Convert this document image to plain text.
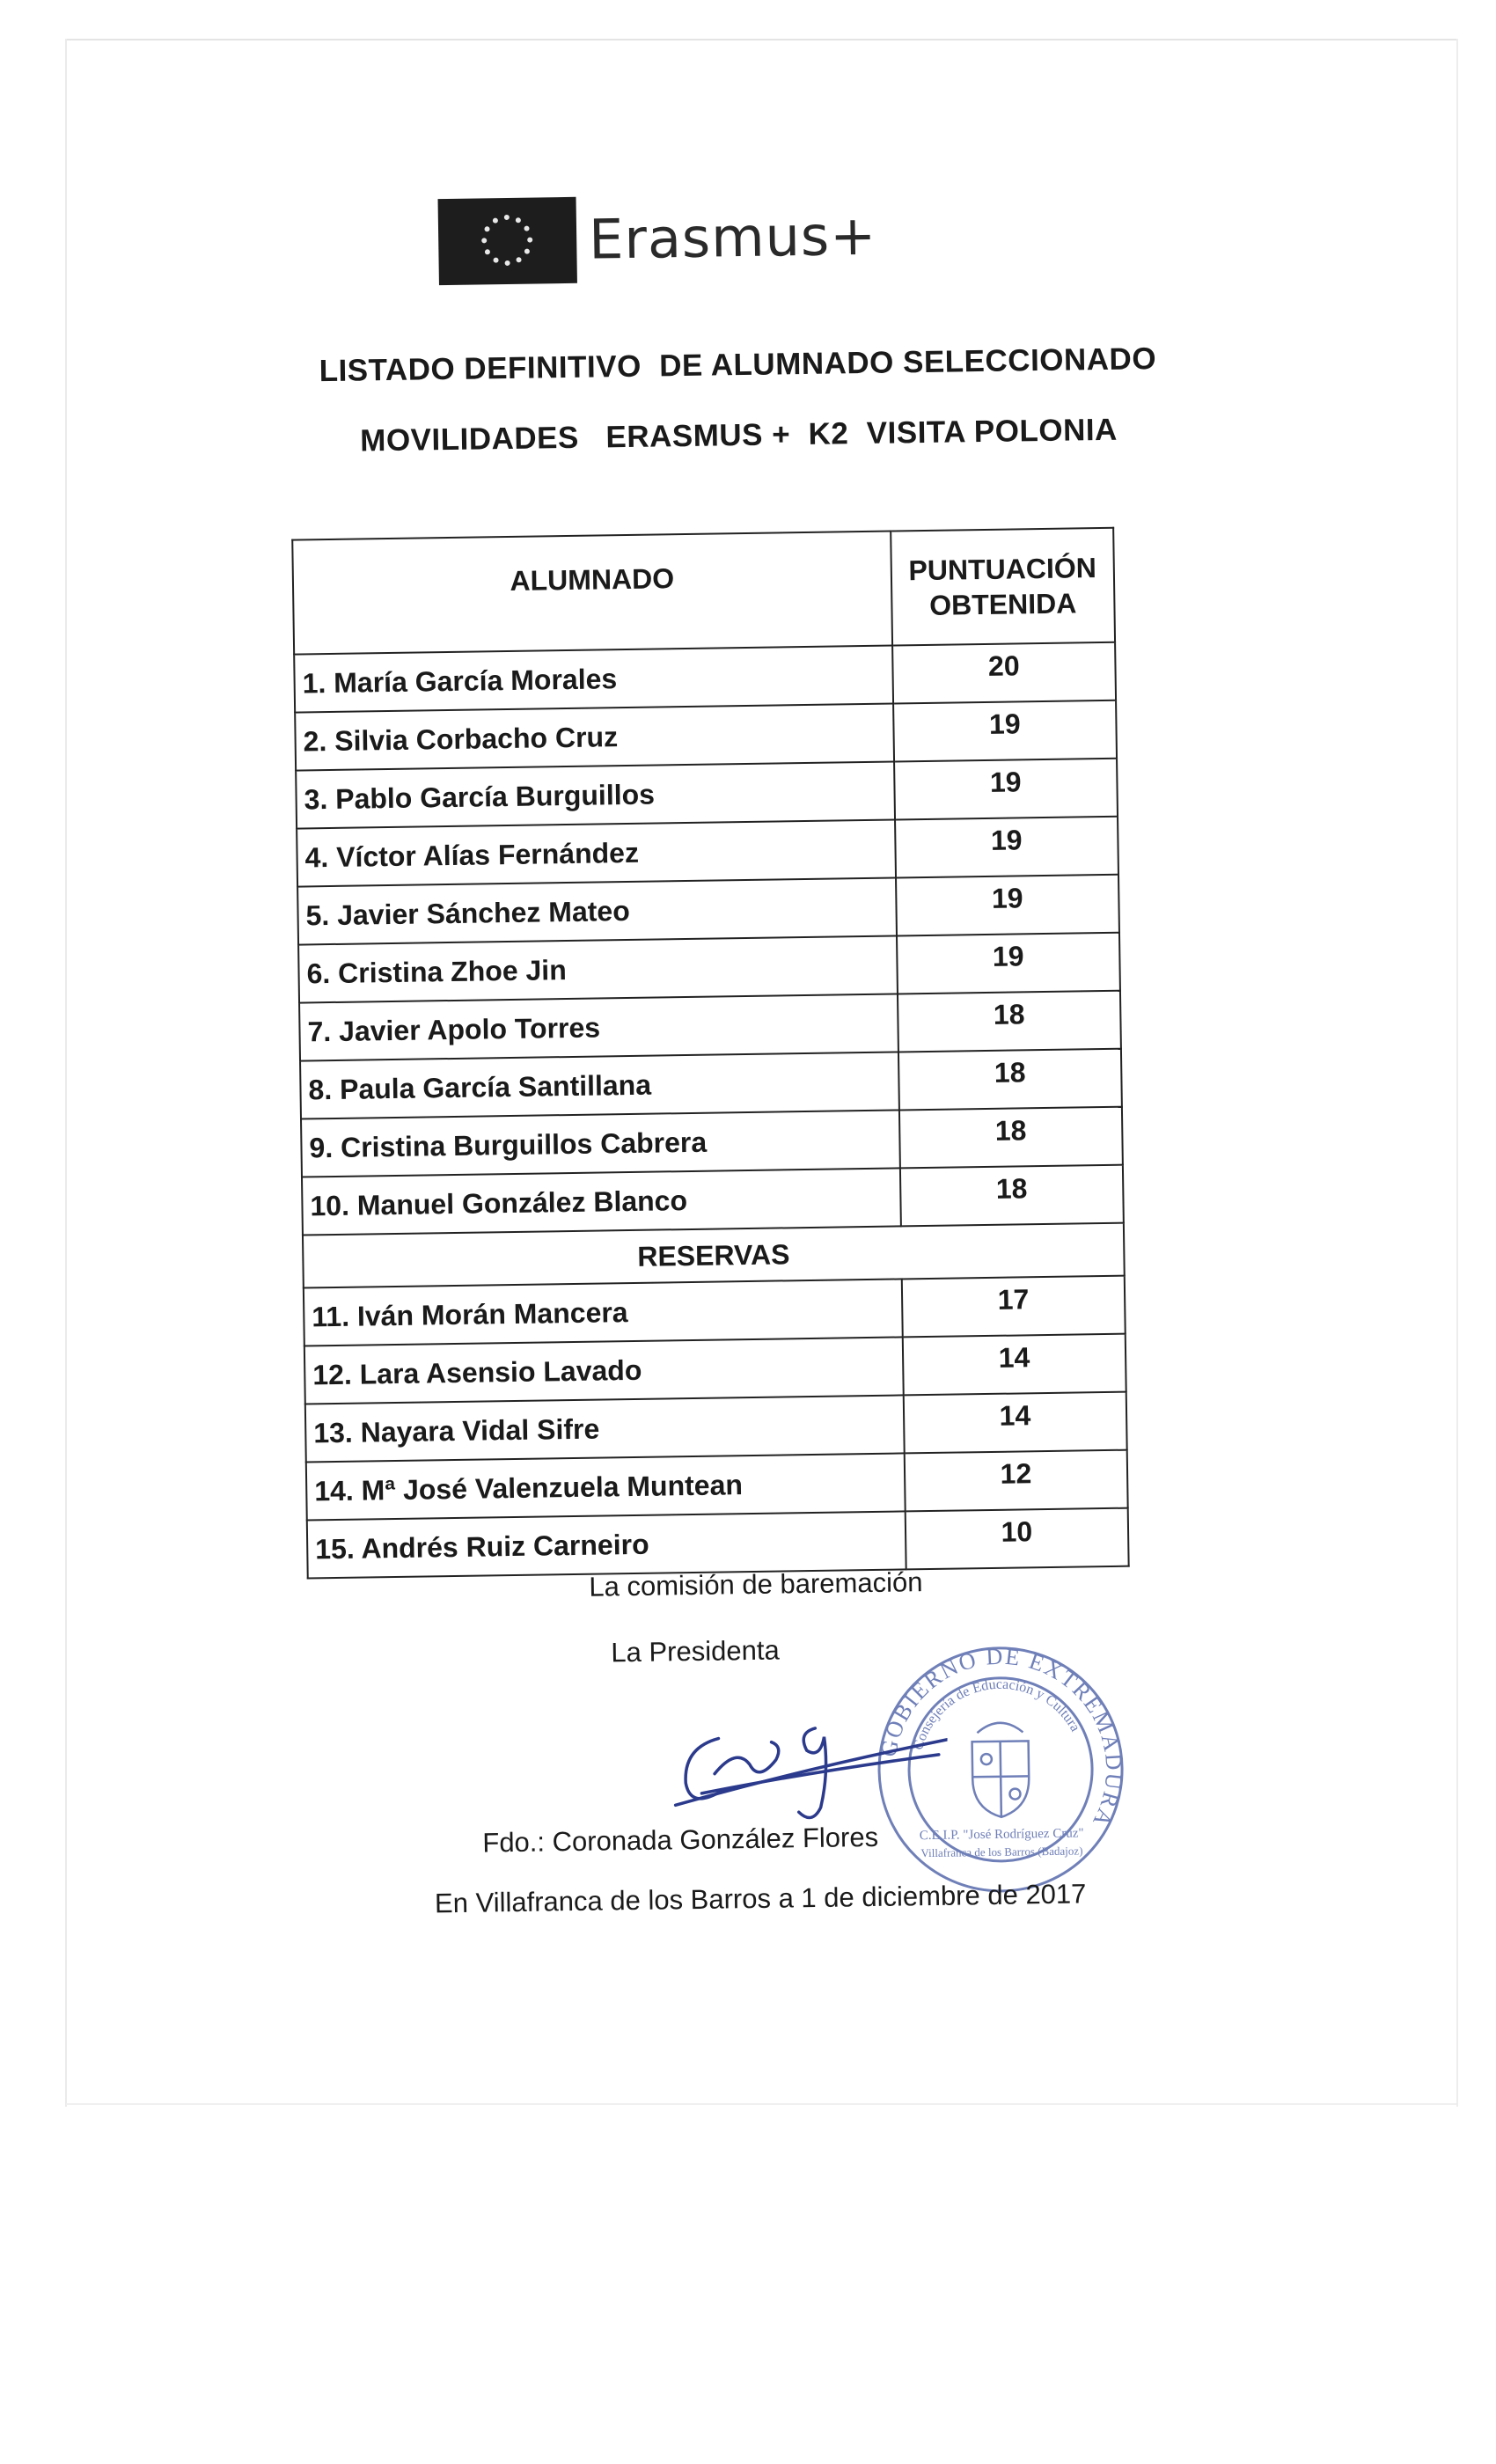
Erasmus+
LISTADO DEFINITIVO  DE ALUMNADO SELECCIONADO
MOVILIDADES   ERASMUS +  K2  VISITA POLONIA
ALUMNADO	PUNTUACIÓN OBTENIDA
1. María García Morales	20
2. Silvia Corbacho Cruz	19
3. Pablo García Burguillos	19
4. Víctor Alías Fernández	19
5. Javier Sánchez Mateo	19
6. Cristina Zhoe Jin	19
7. Javier Apolo Torres	18
8. Paula García Santillana	18
9. Cristina Burguillos Cabrera	18
10. Manuel González Blanco	18
RESERVAS	
11. Iván Morán Mancera	17
12. Lara Asensio Lavado	14
13. Nayara Vidal Sifre	14
14. Mª José Valenzuela Muntean	12
15. Andrés Ruiz Carneiro	10
La comisión de baremación
La Presidenta
GOBIERNO DE EXTREMADURA
Consejería de Educación y Cultura
C.E.I.P. "José Rodríguez Cruz"
Villafranca de los Barros (Badajoz)
Fdo.: Coronada González Flores
En Villafranca de los Barros a 1 de diciembre de 2017
